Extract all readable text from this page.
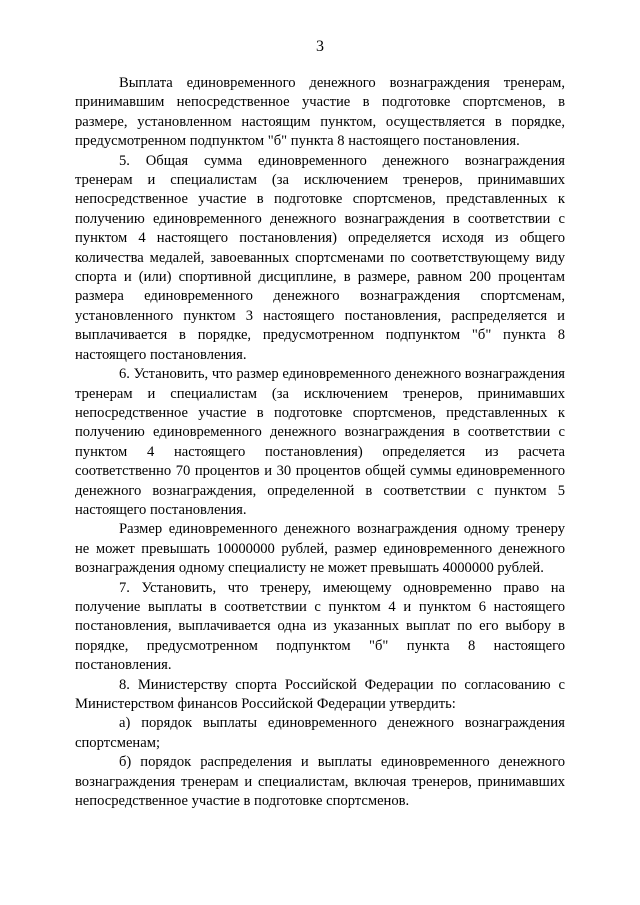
3

Выплата единовременного денежного вознаграждения тренерам, принимавшим непосредственное участие в подготовке спортсменов, в размере, установленном настоящим пунктом, осуществляется в порядке, предусмотренном подпунктом "б" пункта 8 настоящего постановления.

5. Общая сумма единовременного денежного вознаграждения тренерам и специалистам (за исключением тренеров, принимавших непосредственное участие в подготовке спортсменов, представленных к получению единовременного денежного вознаграждения в соответствии с пунктом 4 настоящего постановления) определяется исходя из общего количества медалей, завоеванных спортсменами по соответствующему виду спорта и (или) спортивной дисциплине, в размере, равном 200 процентам размера единовременного денежного вознаграждения спортсменам, установленного пунктом 3 настоящего постановления, распределяется и выплачивается в порядке, предусмотренном подпунктом "б" пункта 8 настоящего постановления.

6. Установить, что размер единовременного денежного вознаграждения тренерам и специалистам (за исключением тренеров, принимавших непосредственное участие в подготовке спортсменов, представленных к получению единовременного денежного вознаграждения в соответствии с пунктом 4 настоящего постановления) определяется из расчета соответственно 70 процентов и 30 процентов общей суммы единовременного денежного вознаграждения, определенной в соответствии с пунктом 5 настоящего постановления.

Размер единовременного денежного вознаграждения одному тренеру не может превышать 10000000 рублей, размер единовременного денежного вознаграждения одному специалисту не может превышать 4000000 рублей.

7. Установить, что тренеру, имеющему одновременно право на получение выплаты в соответствии с пунктом 4 и пунктом 6 настоящего постановления, выплачивается одна из указанных выплат по его выбору в порядке, предусмотренном подпунктом "б" пункта 8 настоящего постановления.

8. Министерству спорта Российской Федерации по согласованию с Министерством финансов Российской Федерации утвердить:

а) порядок выплаты единовременного денежного вознаграждения спортсменам;

б) порядок распределения и выплаты единовременного денежного вознаграждения тренерам и специалистам, включая тренеров, принимавших непосредственное участие в подготовке спортсменов.
